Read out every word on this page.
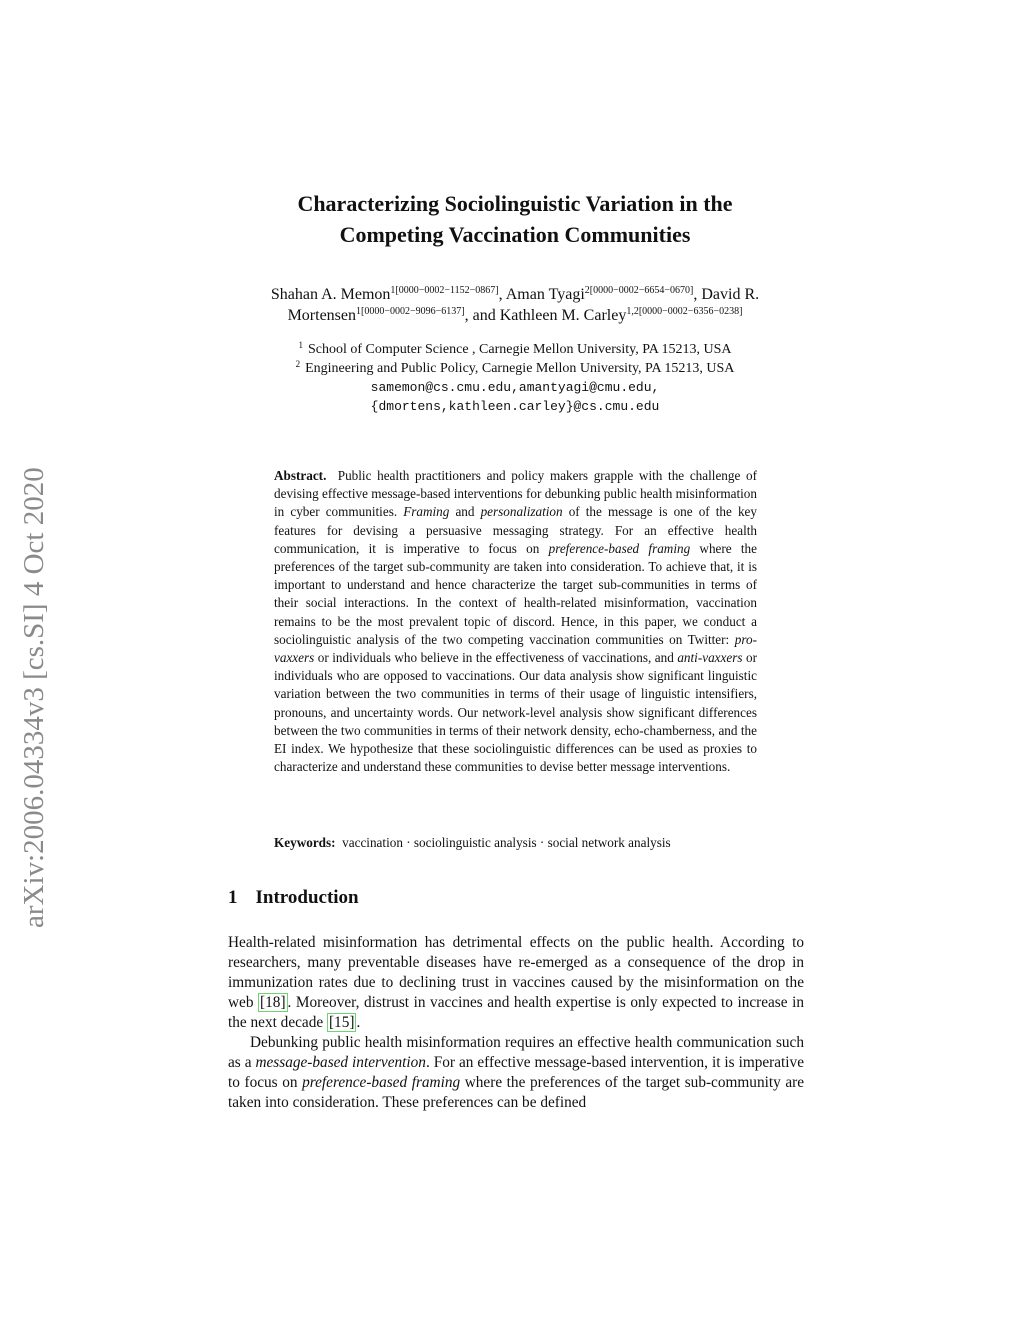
arXiv:2006.04334v3 [cs.SI] 4 Oct 2020
Characterizing Sociolinguistic Variation in the
Competing Vaccination Communities
Shahan A. Memon$^{1[0000-0002-1152-0867]}$, Aman Tyagi$^{2[0000-0002-6654-0670]}$, David R. Mortensen$^{1[0000-0002-9096-6137]}$, and Kathleen M. Carley$^{1,2[0000-0002-6356-0238]}$
$^1$ School of Computer Science , Carnegie Mellon University, PA 15213, USA
$^2$ Engineering and Public Policy, Carnegie Mellon University, PA 15213, USA
samemon@cs.cmu.edu,amantyagi@cmu.edu,
{dmortens,kathleen.carley}@cs.cmu.edu
Abstract. Public health practitioners and policy makers grapple with the challenge of devising effective message-based interventions for debunking public health misinformation in cyber communities. Framing and personalization of the message is one of the key features for devising a persuasive messaging strategy. For an effective health communication, it is imperative to focus on preference-based framing where the preferences of the target sub-community are taken into consideration. To achieve that, it is important to understand and hence characterize the target sub-communities in terms of their social interactions. In the context of health-related misinformation, vaccination remains to be the most prevalent topic of discord. Hence, in this paper, we conduct a sociolinguistic analysis of the two competing vaccination communities on Twitter: pro-vaxxers or individuals who believe in the effectiveness of vaccinations, and anti-vaxxers or individuals who are opposed to vaccinations. Our data analysis show significant linguistic variation between the two communities in terms of their usage of linguistic intensifiers, pronouns, and uncertainty words. Our network-level analysis show significant differences between the two communities in terms of their network density, echo-chamberness, and the EI index. We hypothesize that these sociolinguistic differences can be used as proxies to characterize and understand these communities to devise better message interventions.
Keywords: vaccination · sociolinguistic analysis · social network analysis
1 Introduction

Health-related misinformation has detrimental effects on the public health. According to researchers, many preventable diseases have re-emerged as a consequence of the drop in immunization rates due to declining trust in vaccines caused by the misinformation on the web [18] . Moreover, distrust in vaccines and health expertise is only expected to increase in the next decade [15] .

Debunking public health misinformation requires an effective health communication such as a message-based intervention. For an effective message-based intervention, it is imperative to focus on preference-based framing where the preferences of the target sub-community are taken into consideration. These preferences can be defined
